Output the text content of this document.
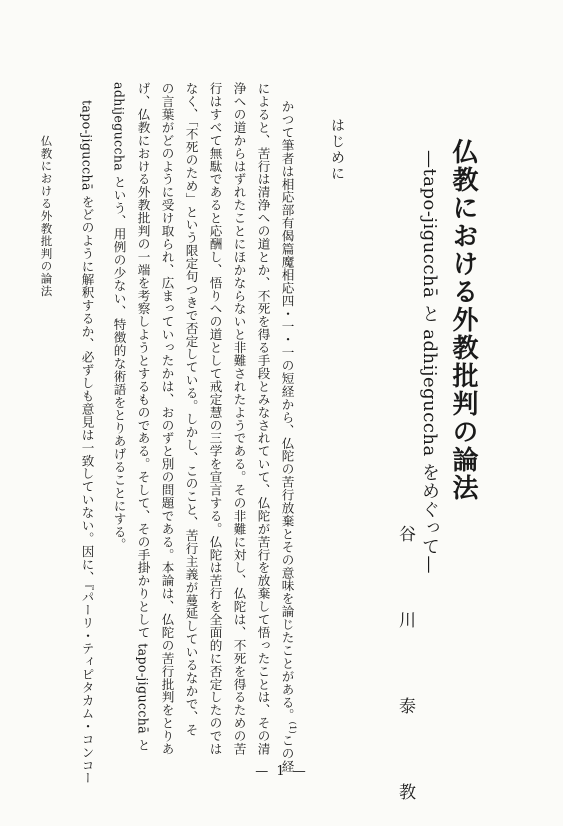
仏教における外教批判の論法
—tapo-jigucchā と adhijeguccha をめぐって—
谷　川　泰　教
はじめに
かつて筆者は相応部有偈篇魔相応四・一・一の短経から、仏陀の苦行放棄とその意味を論じたことがある。$^{(1)}$この経
によると、苦行は清浄への道とか、不死を得る手段とみなされていて、仏陀が苦行を放棄して悟ったことは、その清
浄への道からはずれたことにほかならないと非難されたようである。その非難に対し、仏陀は、不死を得るための苦
行はすべて無駄であると応酬し、悟りへの道として戒定慧の三学を宣言する。仏陀は苦行を全面的に否定したのでは
なく、「不死のため」という限定句つきで否定している。しかし、このこと、苦行主義が蔓延しているなかで、そ
の言葉がどのように受け取られ、広まっていったかは、おのずと別の問題である。本論は、仏陀の苦行批判をとりあ
げ、仏教における外教批判の一端を考察しようとするものである。そして、その手掛かりとして tapo-jigucchā と
adhijeguccha という、用例の少ない、特徴的な術語をとりあげることにする。
tapo-jigucchā をどのように解釈するか、必ずしも意見は一致していない。因に、『パーリ・ティピタカム・コンコー
仏教における外教批判の論法
— 1 —
